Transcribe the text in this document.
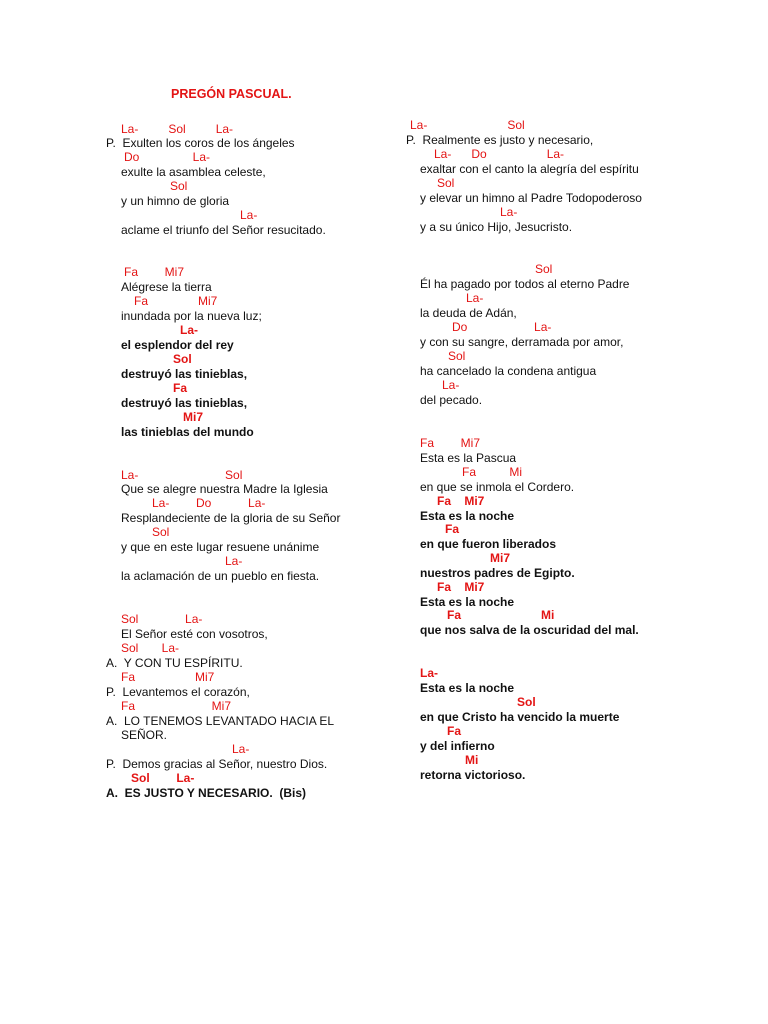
PREGÓN PASCUAL.
La-         Sol         La-
P.  Exulten los coros de los ángeles
Do                La-
exulte la asamblea celeste,
Sol
y un himno de gloria
La-
aclame el triunfo del Señor resucitado.
Fa        Mi7
Alégrese la tierra
Fa               Mi7
inundada por la nueva luz;
La-
el esplendor del rey
Sol
destruyó las tinieblas,
Fa
destruyó las tinieblas,
Mi7
las tinieblas del mundo
La-                          Sol
Que se alegre nuestra Madre la Iglesia
La-        Do           La-
Resplandeciente de la gloria de su Señor
Sol
y que en este lugar resuene unánime
La-
la aclamación de un pueblo en fiesta.
Sol              La-
El Señor esté con vosotros,
Sol       La-
A.  Y CON TU ESPÍRITU.
Fa                  Mi7
P.  Levantemos el corazón,
Fa                       Mi7
A.  LO TENEMOS LEVANTADO HACIA EL
SEÑOR.
La-
P.  Demos gracias al Señor, nuestro Dios.
Sol        La-
A.  ES JUSTO Y NECESARIO.  (Bis)
La-                        Sol
P.  Realmente es justo y necesario,
La-      Do                  La-
exaltar con el canto la alegría del espíritu
Sol
y elevar un himno al Padre Todopoderoso
La-
y a su único Hijo, Jesucristo.
Sol
Él ha pagado por todos al eterno Padre
La-
la deuda de Adán,
Do                    La-
y con su sangre, derramada por amor,
Sol
ha cancelado la condena antigua
La-
del pecado.
Fa        Mi7
Esta es la Pascua
Fa          Mi
en que se inmola el Cordero.
Fa    Mi7
Esta es la noche
Fa
en que fueron liberados
Mi7
nuestros padres de Egipto.
Fa    Mi7
Esta es la noche
Fa                        Mi
que nos salva de la oscuridad del mal.
La-
Esta es la noche
Sol
en que Cristo ha vencido la muerte
Fa
y del infierno
Mi
retorna victorioso.
